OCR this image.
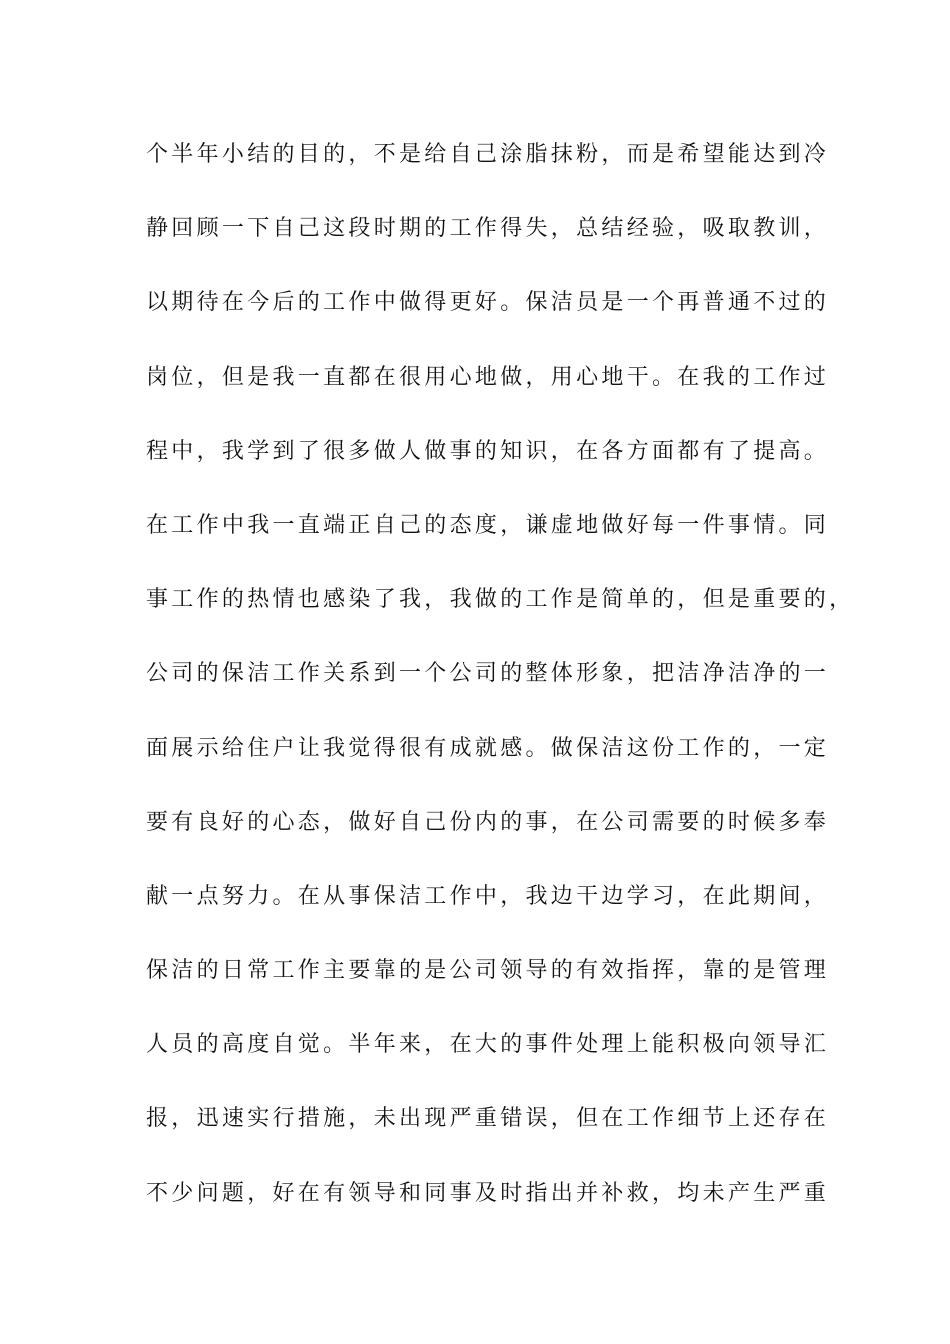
个半年小结的目的，不是给自己涂脂抹粉，而是希望能达到冷
静回顾一下自己这段时期的工作得失，总结经验，吸取教训，
以期待在今后的工作中做得更好。保洁员是一个再普通不过的
岗位，但是我一直都在很用心地做，用心地干。在我的工作过
程中，我学到了很多做人做事的知识，在各方面都有了提高。
在工作中我一直端正自己的态度，谦虚地做好每一件事情。同
事工作的热情也感染了我，我做的工作是简单的，但是重要的，
公司的保洁工作关系到一个公司的整体形象，把洁净洁净的一
面展示给住户让我觉得很有成就感。做保洁这份工作的，一定
要有良好的心态，做好自己份内的事，在公司需要的时候多奉
献一点努力。在从事保洁工作中，我边干边学习，在此期间，
保洁的日常工作主要靠的是公司领导的有效指挥，靠的是管理
人员的高度自觉。半年来，在大的事件处理上能积极向领导汇
报，迅速实行措施，未出现严重错误，但在工作细节上还存在
不少问题，好在有领导和同事及时指出并补救，均未产生严重
